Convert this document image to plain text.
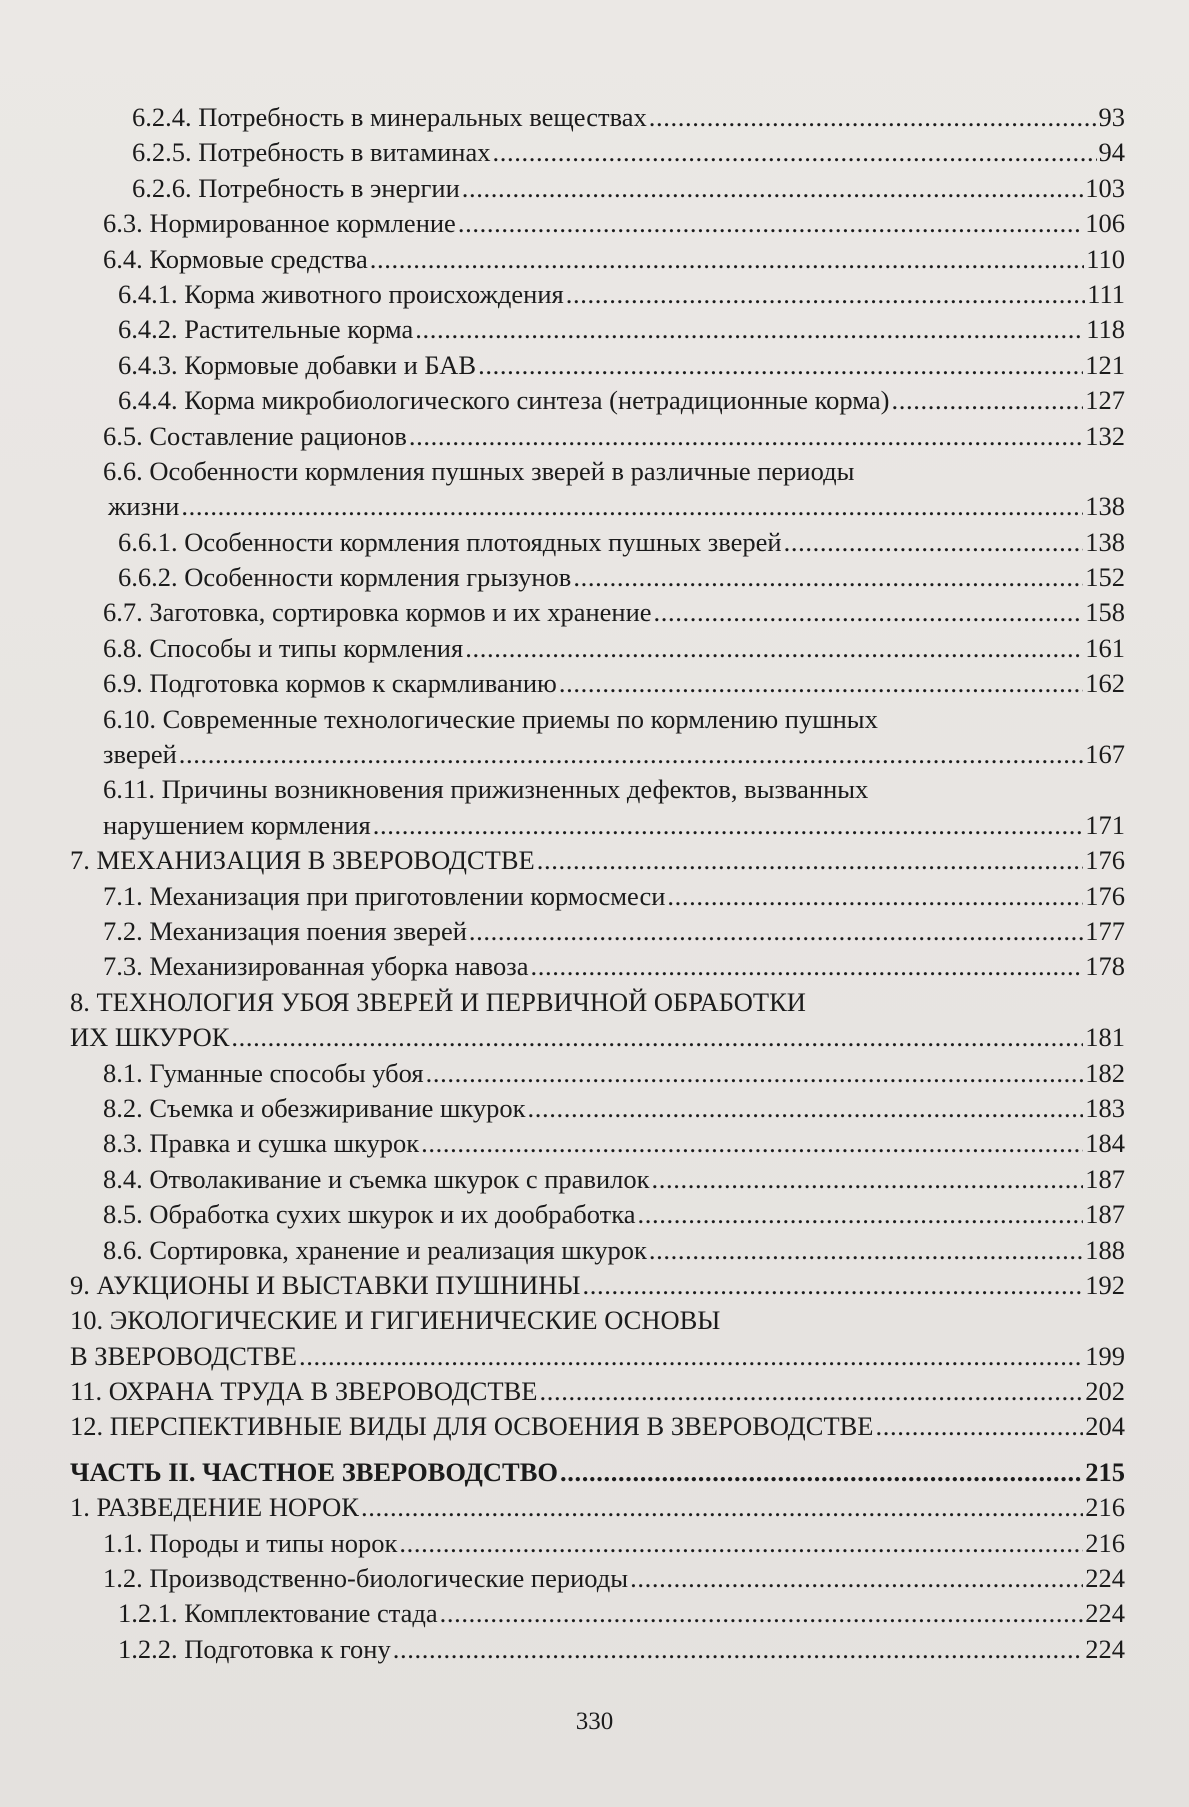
6.2.4. Потребность в минеральных веществах . . .	93
6.2.5. Потребность в витаминах . . .	94
6.2.6. Потребность в энергии . . .	103
6.3. Нормированное кормление . . .	106
6.4. Кормовые средства . . .	110
6.4.1. Корма животного происхождения . . .	111
6.4.2. Растительные корма . . .	118
6.4.3. Кормовые добавки и БАВ . . .	121
6.4.4. Корма микробиологического синтеза (нетрадиционные корма) . . .	127
6.5. Составление рационов . . .	132
6.6. Особенности кормления пушных зверей в различные периоды
жизни . . .	138
6.6.1. Особенности кормления плотоядных пушных зверей . . .	138
6.6.2. Особенности кормления грызунов . . .	152
6.7. Заготовка, сортировка кормов и их хранение . . .	158
6.8. Способы и типы кормления . . .	161
6.9. Подготовка кормов к скармливанию . . .	162
6.10. Современные технологические приемы по кормлению пушных
зверей . . .	167
6.11. Причины возникновения прижизненных дефектов, вызванных
нарушением кормления . . .	171
7. МЕХАНИЗАЦИЯ В ЗВЕРОВОДСТВЕ . . .	176
7.1. Механизация при приготовлении кормосмеси . . .	176
7.2. Механизация поения зверей . . .	177
7.3. Механизированная уборка навоза . . .	178
8. ТЕХНОЛОГИЯ УБОЯ ЗВЕРЕЙ И ПЕРВИЧНОЙ ОБРАБОТКИ
ИХ ШКУРОК . . .	181
8.1. Гуманные способы убоя . . .	182
8.2. Съемка и обезжиривание шкурок . . .	183
8.3. Правка и сушка шкурок . . .	184
8.4. Отволакивание и съемка шкурок с правилок . . .	187
8.5. Обработка сухих шкурок и их дообработка . . .	187
8.6. Сортировка, хранение и реализация шкурок . . .	188
9. АУКЦИОНЫ И ВЫСТАВКИ ПУШНИНЫ . . .	192
10. ЭКОЛОГИЧЕСКИЕ И ГИГИЕНИЧЕСКИЕ ОСНОВЫ
В ЗВЕРОВОДСТВЕ . . .	199
11. ОХРАНА ТРУДА В ЗВЕРОВОДСТВЕ . . .	202
12. ПЕРСПЕКТИВНЫЕ ВИДЫ ДЛЯ ОСВОЕНИЯ В ЗВЕРОВОДСТВЕ . . .	204
ЧАСТЬ II. ЧАСТНОЕ ЗВЕРОВОДСТВО . . .	215
1. РАЗВЕДЕНИЕ НОРОК . . .	216
1.1. Породы и типы норок . . .	216
1.2. Производственно-биологические периоды . . .	224
1.2.1. Комплектование стада . . .	224
1.2.2. Подготовка к гону . . .	224
330
